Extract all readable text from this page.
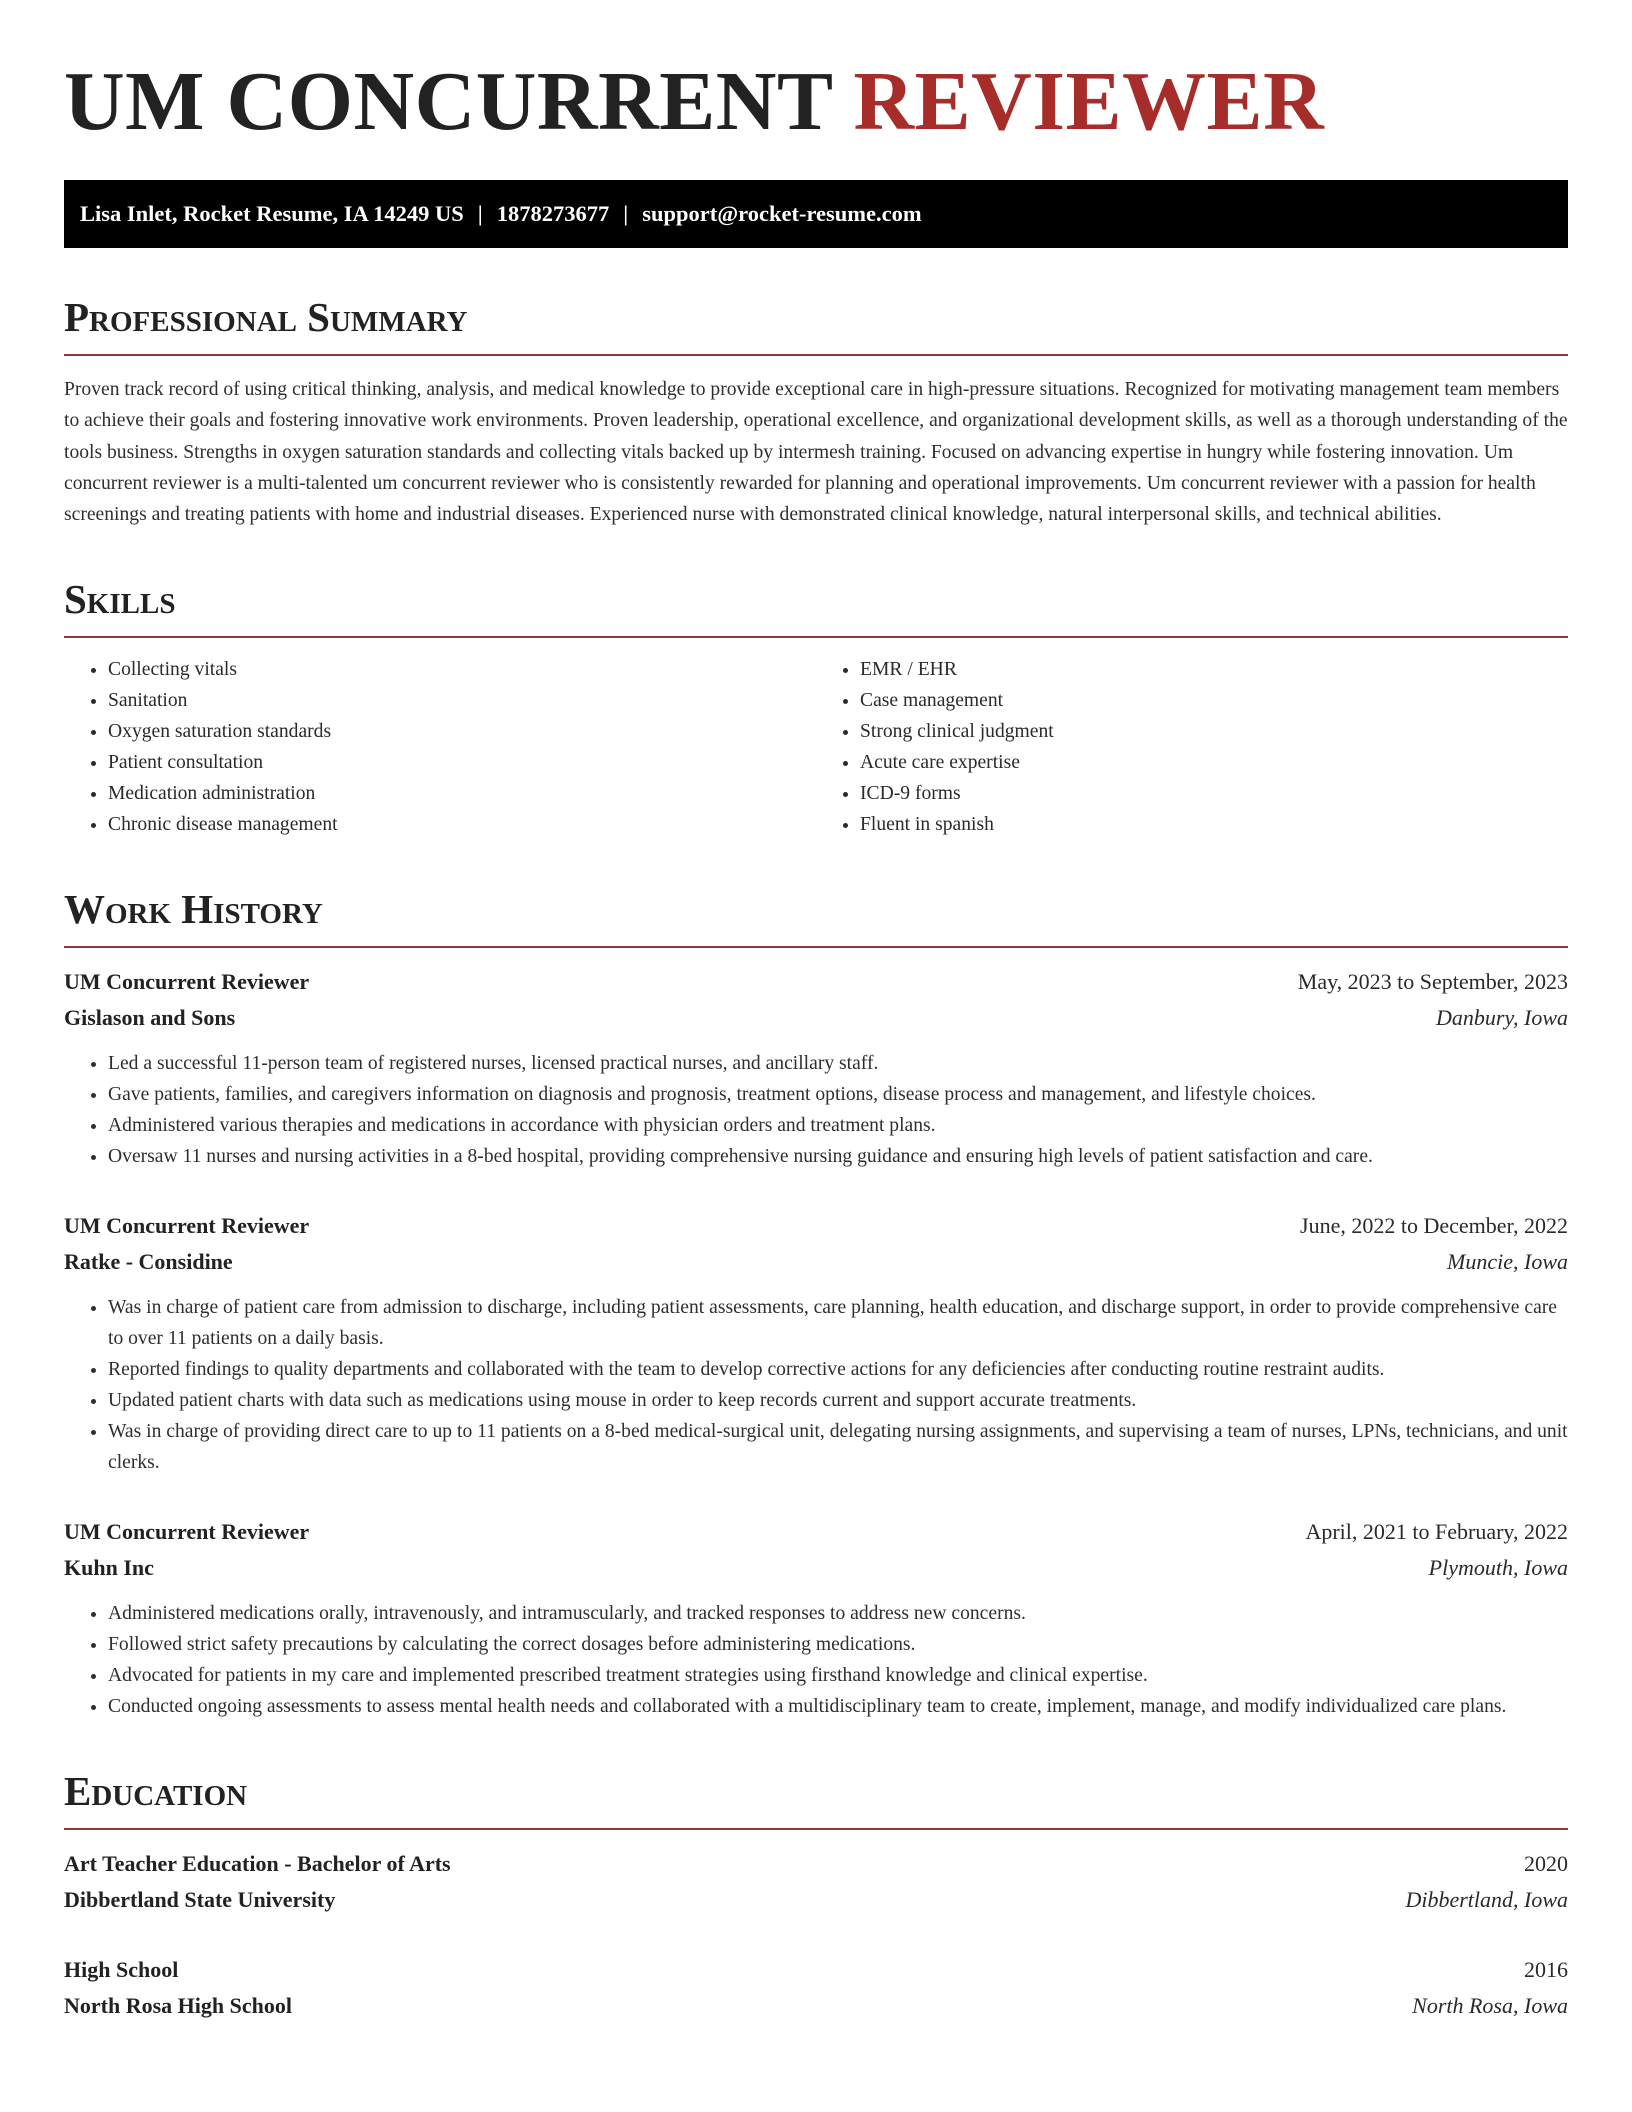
UM CONCURRENT REVIEWER
Lisa Inlet, Rocket Resume, IA 14249 US | 1878273677 | support@rocket-resume.com
Professional Summary

Proven track record of using critical thinking, analysis, and medical knowledge to provide exceptional care in high-pressure situations. Recognized for motivating management team members to achieve their goals and fostering innovative work environments. Proven leadership, operational excellence, and organizational development skills, as well as a thorough understanding of the tools business. Strengths in oxygen saturation standards and collecting vitals backed up by intermesh training. Focused on advancing expertise in hungry while fostering innovation. Um concurrent reviewer is a multi-talented um concurrent reviewer who is consistently rewarded for planning and operational improvements. Um concurrent reviewer with a passion for health screenings and treating patients with home and industrial diseases. Experienced nurse with demonstrated clinical knowledge, natural interpersonal skills, and technical abilities.

Skills
• Collecting vitals
• Sanitation
• Oxygen saturation standards
• Patient consultation
• Medication administration
• Chronic disease management
• EMR / EHR
• Case management
• Strong clinical judgment
• Acute care expertise
• ICD-9 forms
• Fluent in spanish
Work History
UM Concurrent Reviewer	May, 2023 to September, 2023
Gislason and Sons	Danbury, Iowa
• Led a successful 11-person team of registered nurses, licensed practical nurses, and ancillary staff.
• Gave patients, families, and caregivers information on diagnosis and prognosis, treatment options, disease process and management, and lifestyle choices.
• Administered various therapies and medications in accordance with physician orders and treatment plans.
• Oversaw 11 nurses and nursing activities in a 8-bed hospital, providing comprehensive nursing guidance and ensuring high levels of patient satisfaction and care.
UM Concurrent Reviewer	June, 2022 to December, 2022
Ratke - Considine	Muncie, Iowa
• Was in charge of patient care from admission to discharge, including patient assessments, care planning, health education, and discharge support, in order to provide comprehensive care to over 11 patients on a daily basis.
• Reported findings to quality departments and collaborated with the team to develop corrective actions for any deficiencies after conducting routine restraint audits.
• Updated patient charts with data such as medications using mouse in order to keep records current and support accurate treatments.
• Was in charge of providing direct care to up to 11 patients on a 8-bed medical-surgical unit, delegating nursing assignments, and supervising a team of nurses, LPNs, technicians, and unit clerks.
UM Concurrent Reviewer	April, 2021 to February, 2022
Kuhn Inc	Plymouth, Iowa
• Administered medications orally, intravenously, and intramuscularly, and tracked responses to address new concerns.
• Followed strict safety precautions by calculating the correct dosages before administering medications.
• Advocated for patients in my care and implemented prescribed treatment strategies using firsthand knowledge and clinical expertise.
• Conducted ongoing assessments to assess mental health needs and collaborated with a multidisciplinary team to create, implement, manage, and modify individualized care plans.
Education
Art Teacher Education - Bachelor of Arts	2020
Dibbertland State University	Dibbertland, Iowa
High School	2016
North Rosa High School	North Rosa, Iowa
